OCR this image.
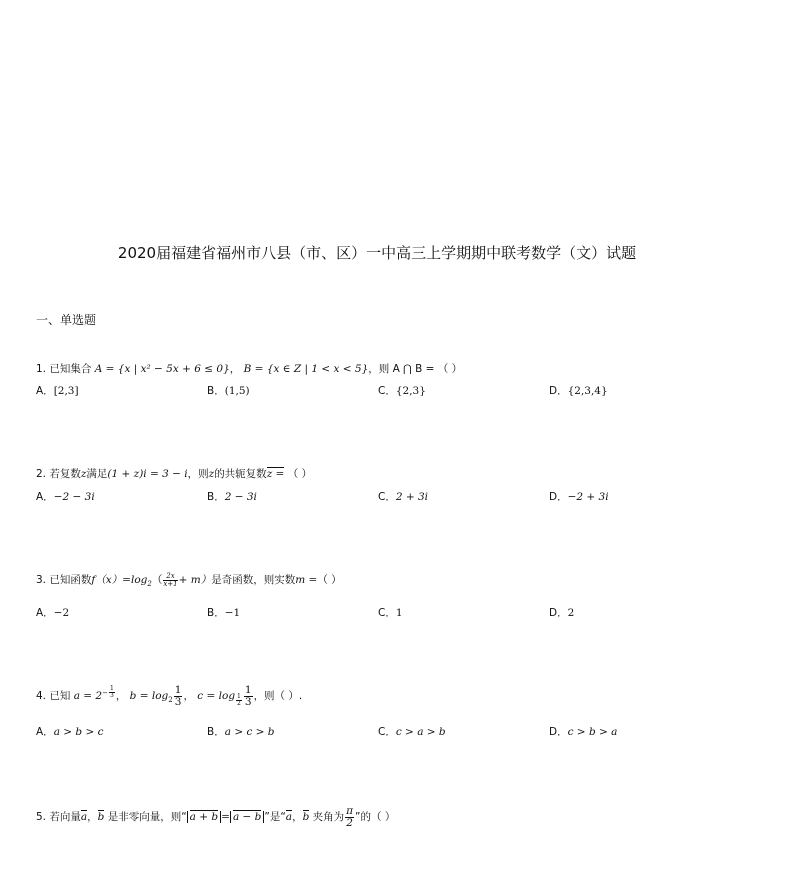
2020届福建省福州市八县（市、区）一中高三上学期期中联考数学（文）试题
一、单选题
1. 已知集合 A = {x | x² − 5x + 6 ≤ 0}， B = {x ∈ Z | 1 < x < 5}，则 A ⋂ B = （ ）
A．[2,3]	B．(1,5)	C．{2,3}	D．{2,3,4}
2. 若复数z满足(1 + z)i = 3 − i，则z的共轭复数z = （ ）
A．−2 − 3i	B．2 − 3i	C．2 + 3i	D．−2 + 3i
3. 已知函数$f(x)=\log_2( \frac{2x}{x+1} + m)$是奇函数，则实数m =（ ）
A．−2	B．−1	C．1	D．2
4. 已知 $a = 2^{- \frac{1}{3}}$ ， $b = \log_2 \frac{1}{3}$ ， $c = \log _{\frac{1}{2}} \frac{1}{3}$ ，则（ ）.
A．a > b > c	B．a > c > b	C．c > a > b	D．c > b > a
5. 若向量a，b 是非零向量，则“ a + b = a − b ”是“a，b 夹角为 $\frac{\pi}{2}$ ”的（ ）
